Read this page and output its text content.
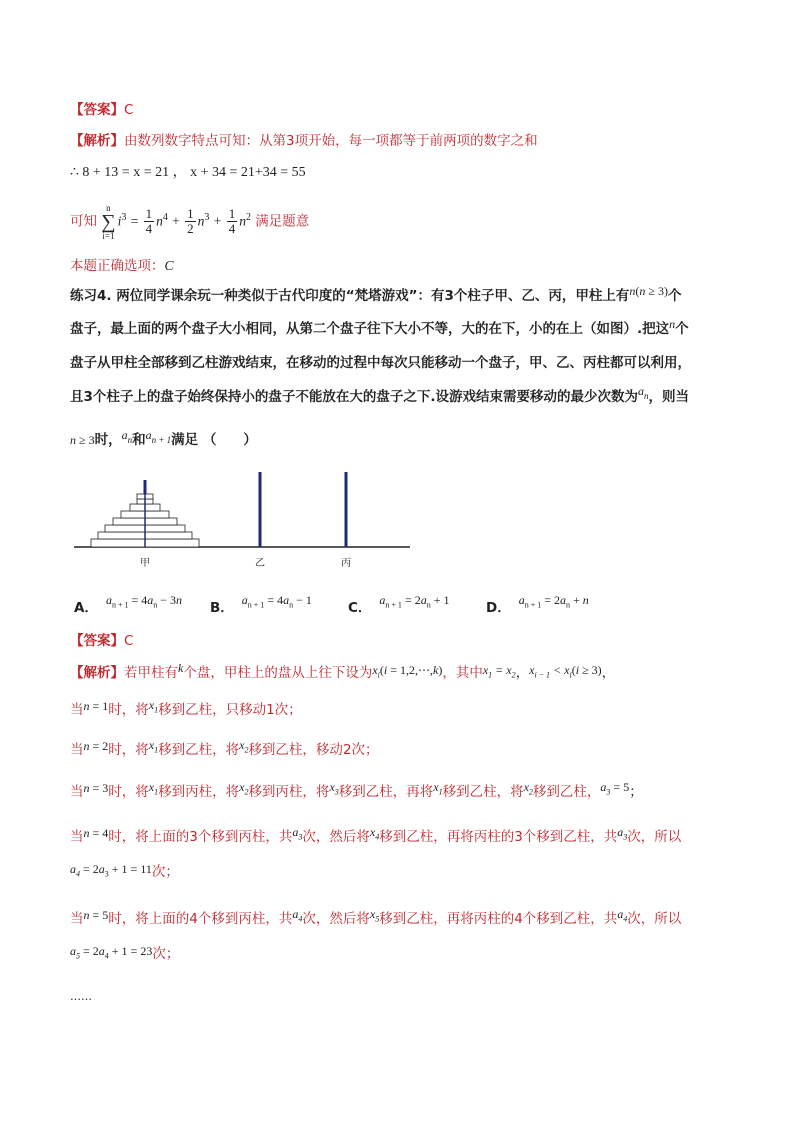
【答案】C
【解析】由数列数字特点可知：从第3项开始，每一项都等于前两项的数字之和
∴ 8 + 13 = x = 21 ， x + 34 = 21+34 = 55
可知
n
∑
i=1
$i^3 = \frac{1}{4} n^4 + \frac{1}{2} n^3 + \frac{1}{4} n^2$ 满足题意
本题正确选项：C
练习4. 两位同学课余玩一种类似于古代印度的“梵塔游戏”：有3个柱子甲、乙、丙，甲柱上有n(n ≥ 3)个
盘子，最上面的两个盘子大小相同，从第二个盘子往下大小不等，大的在下，小的在上（如图）.把这n个
盘子从甲柱全部移到乙柱游戏结束，在移动的过程中每次只能移动一个盘子，甲、乙、丙柱都可以利用，
且3个柱子上的盘子始终保持小的盘子不能放在大的盘子之下.设游戏结束需要移动的最少次数为$a_n$，则当
n ≥ 3时，$a_n$和$a_{n + 1}$满足 （　　）
甲	乙	丙
A． $a_{n + 1} = 4a_n - 3n$ B． $a_{n + 1} = 4a_n - 1$	C． $a_{n + 1} = 2a_n + 1$	D． $a_{n + 1} = 2a_n + n$
【答案】C
【解析】若甲柱有k个盘，甲柱上的盘从上往下设为$x_i(i$ = 1,2,⋯,k)，其中$x_1 = x_2$，$x_{i - 1} < x_i(i \ge 3)$，
当n = 1时，将$x_1$移到乙柱，只移动1次；
当n = 2时，将$x_1$移到乙柱，将$x_2$移到乙柱，移动2次；
当n = 3时，将$x_1$移到丙柱，将$x_2$移到丙柱，将$x_3$移到乙柱，再将$x_1$移到乙柱，将$x_2$移到乙柱，$a_3 = 5$；
当n = 4时，将上面的3个移到丙柱，共$a_3$次，然后将$x_4$移到乙柱，再将丙柱的3个移到乙柱，共$a_3$次，所以
$a_4 = 2a_3 + 1 = 11$次；
当n = 5时，将上面的4个移到丙柱，共$a_4$次，然后将$x_5$移到乙柱，再将丙柱的4个移到乙柱，共$a_4$次，所以
$a_5 = 2a_4 + 1 = 23$次；
……
